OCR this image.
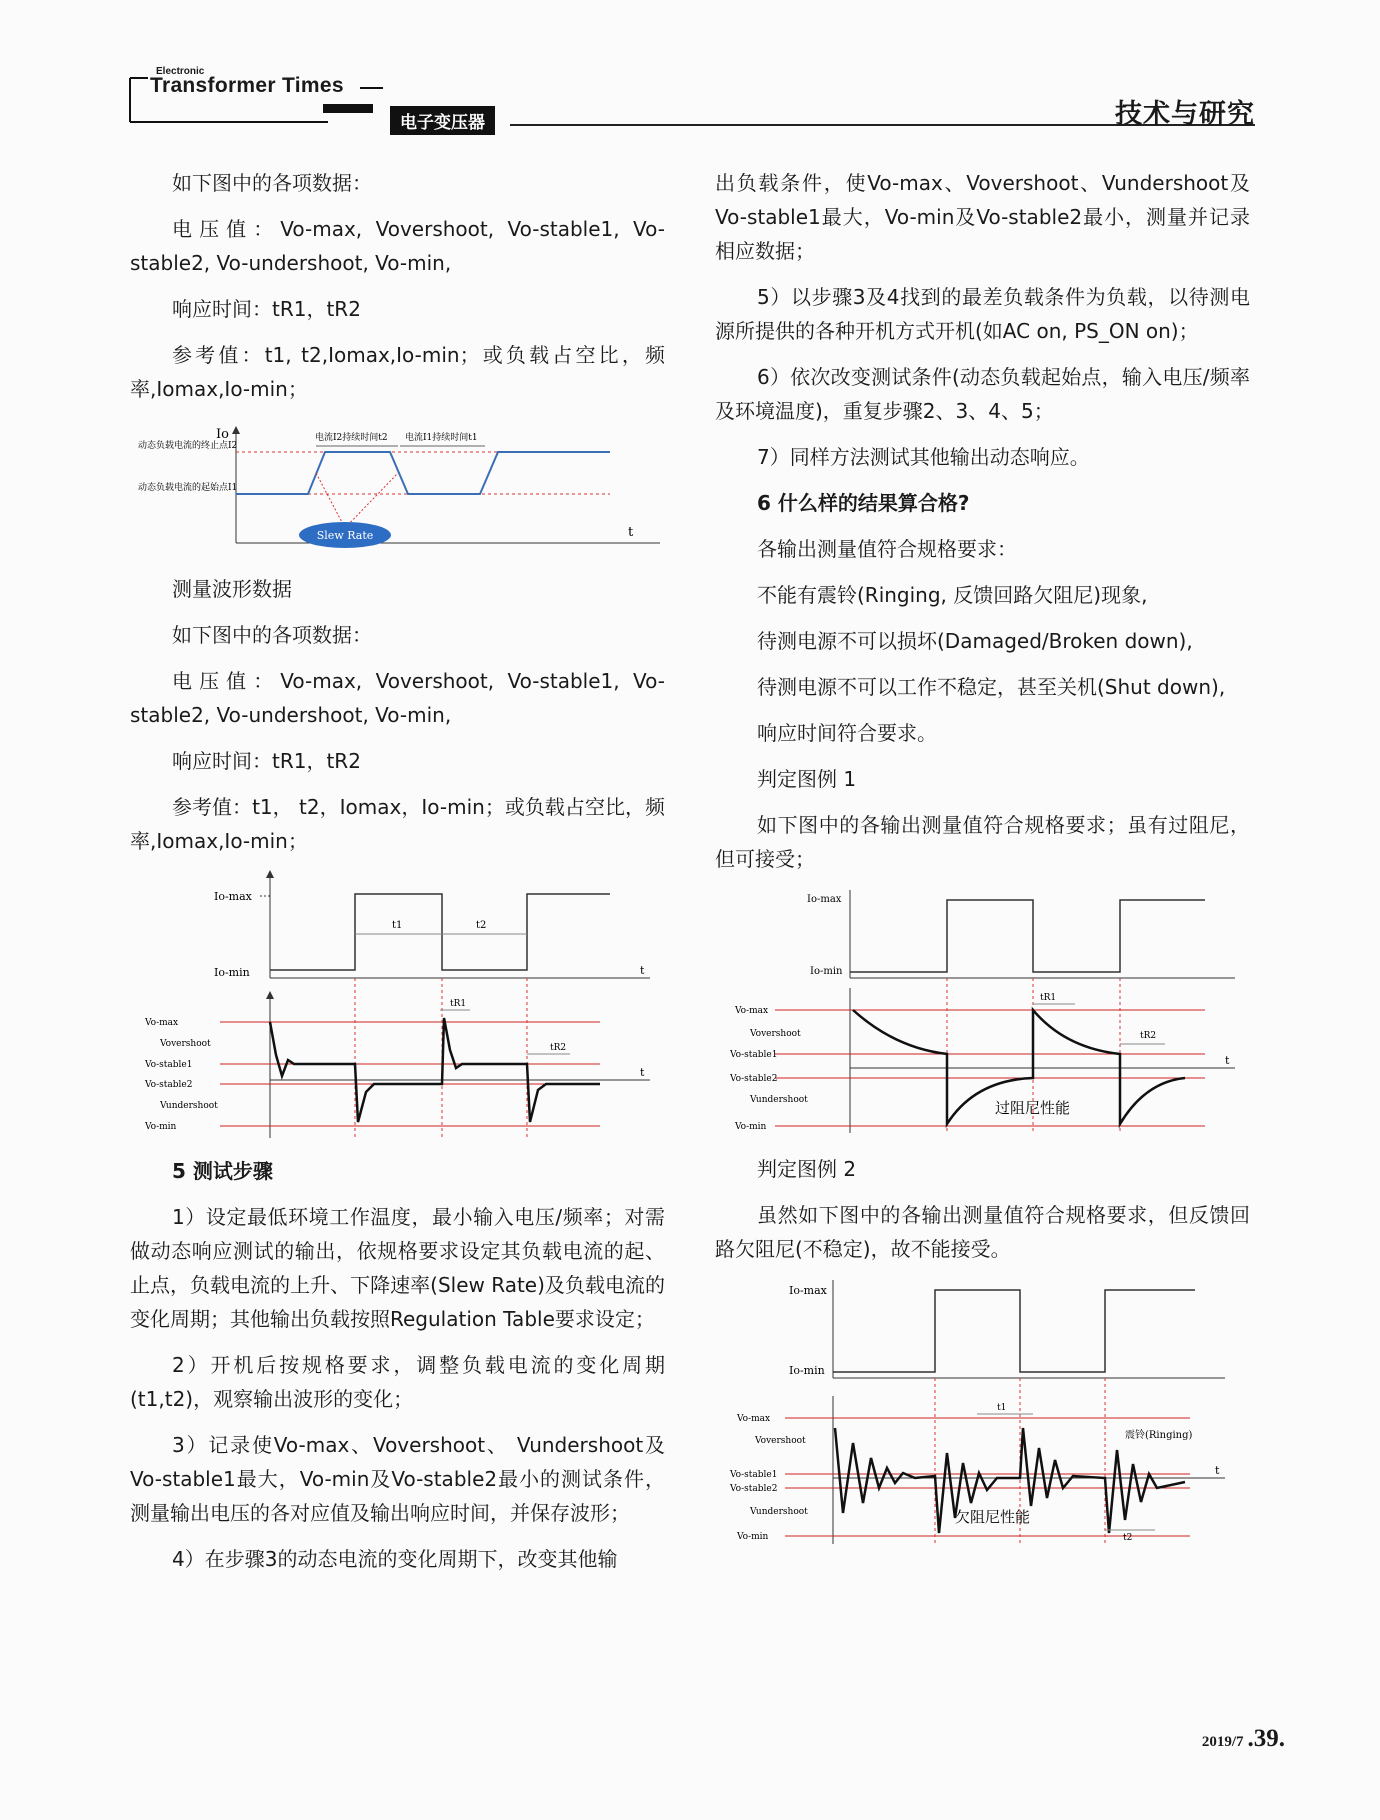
Electronic
Transformer Times
电子变压器	技术与研究

如下图中的各项数据：

电压值：Vo-max, Vovershoot, Vo-stable1, Vo-stable2, Vo-undershoot, Vo-min,

响应时间：tR1，tR2

参考值：t1, t2,Iomax,Io-min；或负载占空比，频率,Iomax,Io-min；

Io
t
动态负载电流的终止点I2
动态负载电流的起始点I1
电流I2持续时间t2 电流I1持续时间t1
Slew Rate

测量波形数据

如下图中的各项数据：

电压值：Vo-max, Vovershoot, Vo-stable1, Vo-stable2, Vo-undershoot, Vo-min,

响应时间：tR1，tR2

参考值：t1， t2，Iomax，Io-min；或负载占空比，频率,Iomax,Io-min；

Io-max
Io-min
t1	t2
t
t
Vo-max
Vovershoot
Vo-stable1
Vo-stable2
Vundershoot
Vo-min
tR1
tR2
5 测试步骤

1）设定最低环境工作温度，最小输入电压/频率；对需做动态响应测试的输出，依规格要求设定其负载电流的起、止点，负载电流的上升、下降速率(Slew Rate)及负载电流的变化周期；其他输出负载按照Regulation Table要求设定；

2）开机后按规格要求，调整负载电流的变化周期(t1,t2)，观察输出波形的变化；

3）记录使Vo-max、Vovershoot、 Vundershoot及Vo-stable1最大，Vo-min及Vo-stable2最小的测试条件，测量输出电压的各对应值及输出响应时间，并保存波形；

4）在步骤3的动态电流的变化周期下，改变其他输

出负载条件，使Vo-max、Vovershoot、Vundershoot及Vo-stable1最大，Vo-min及Vo-stable2最小，测量并记录相应数据；

5）以步骤3及4找到的最差负载条件为负载，以待测电源所提供的各种开机方式开机(如AC on, PS_ON on)；

6）依次改变测试条件(动态负载起始点，输入电压/频率及环境温度)，重复步骤2、3、4、5；

7）同样方法测试其他输出动态响应。

6 什么样的结果算合格?

各输出测量值符合规格要求：

不能有震铃(Ringing, 反馈回路欠阻尼)现象,

待测电源不可以损坏(Damaged/Broken down),

待测电源不可以工作不稳定，甚至关机(Shut down),

响应时间符合要求。

判定图例 1

如下图中的各输出测量值符合规格要求；虽有过阻尼，但可接受；

Io-max
Io-min
t
Vo-max
Vovershoot
Vo-stable1
Vo-stable2
Vundershoot
Vo-min
tR1
tR2
过阻尼性能

判定图例 2

虽然如下图中的各输出测量值符合规格要求，但反馈回路欠阻尼(不稳定)，故不能接受。

Io-max
Io-min
t
Vo-max
Vovershoot
Vo-stable1
Vo-stable2
Vundershoot
Vo-min
t1
t2
震铃(Ringing)
欠阻尼性能
2019/7 .39.
